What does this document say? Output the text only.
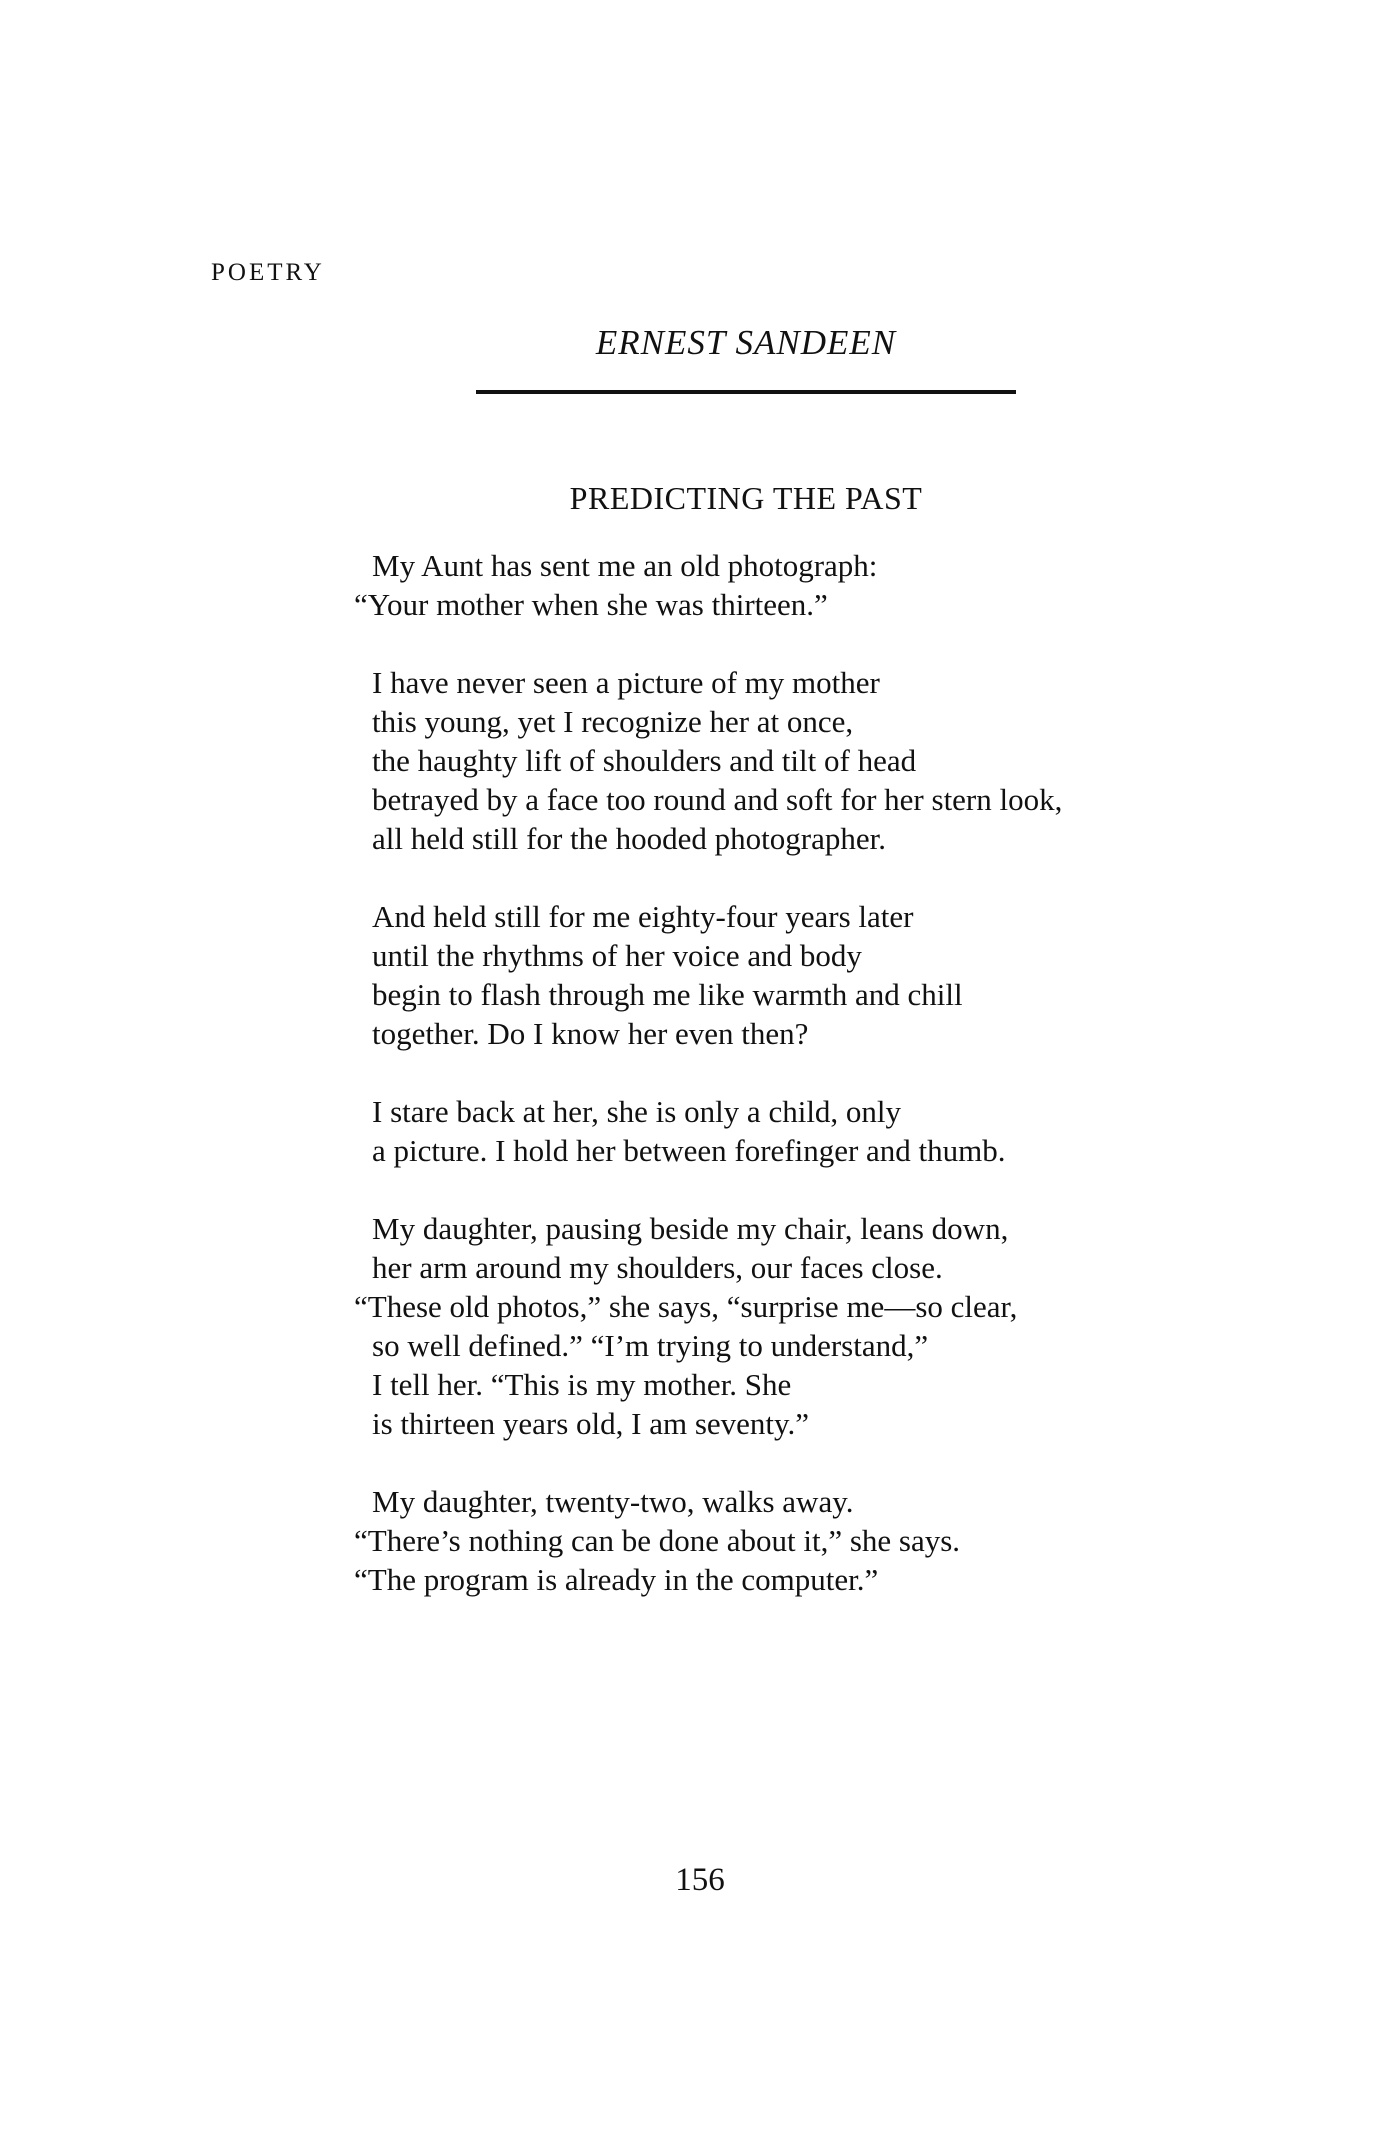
POETRY
ERNEST SANDEEN
PREDICTING THE PAST
My Aunt has sent me an old photograph:
“Your mother when she was thirteen.”
I have never seen a picture of my mother
this young, yet I recognize her at once,
the haughty lift of shoulders and tilt of head
betrayed by a face too round and soft for her stern look,
all held still for the hooded photographer.
And held still for me eighty-four years later
until the rhythms of her voice and body
begin to flash through me like warmth and chill
together. Do I know her even then?
I stare back at her, she is only a child, only
a picture. I hold her between forefinger and thumb.
My daughter, pausing beside my chair, leans down,
her arm around my shoulders, our faces close.
“These old photos,” she says, “surprise me—so clear,
so well defined.” “I’m trying to understand,”
I tell her. “This is my mother. She
is thirteen years old, I am seventy.”
My daughter, twenty-two, walks away.
“There’s nothing can be done about it,” she says.
“The program is already in the computer.”
156
